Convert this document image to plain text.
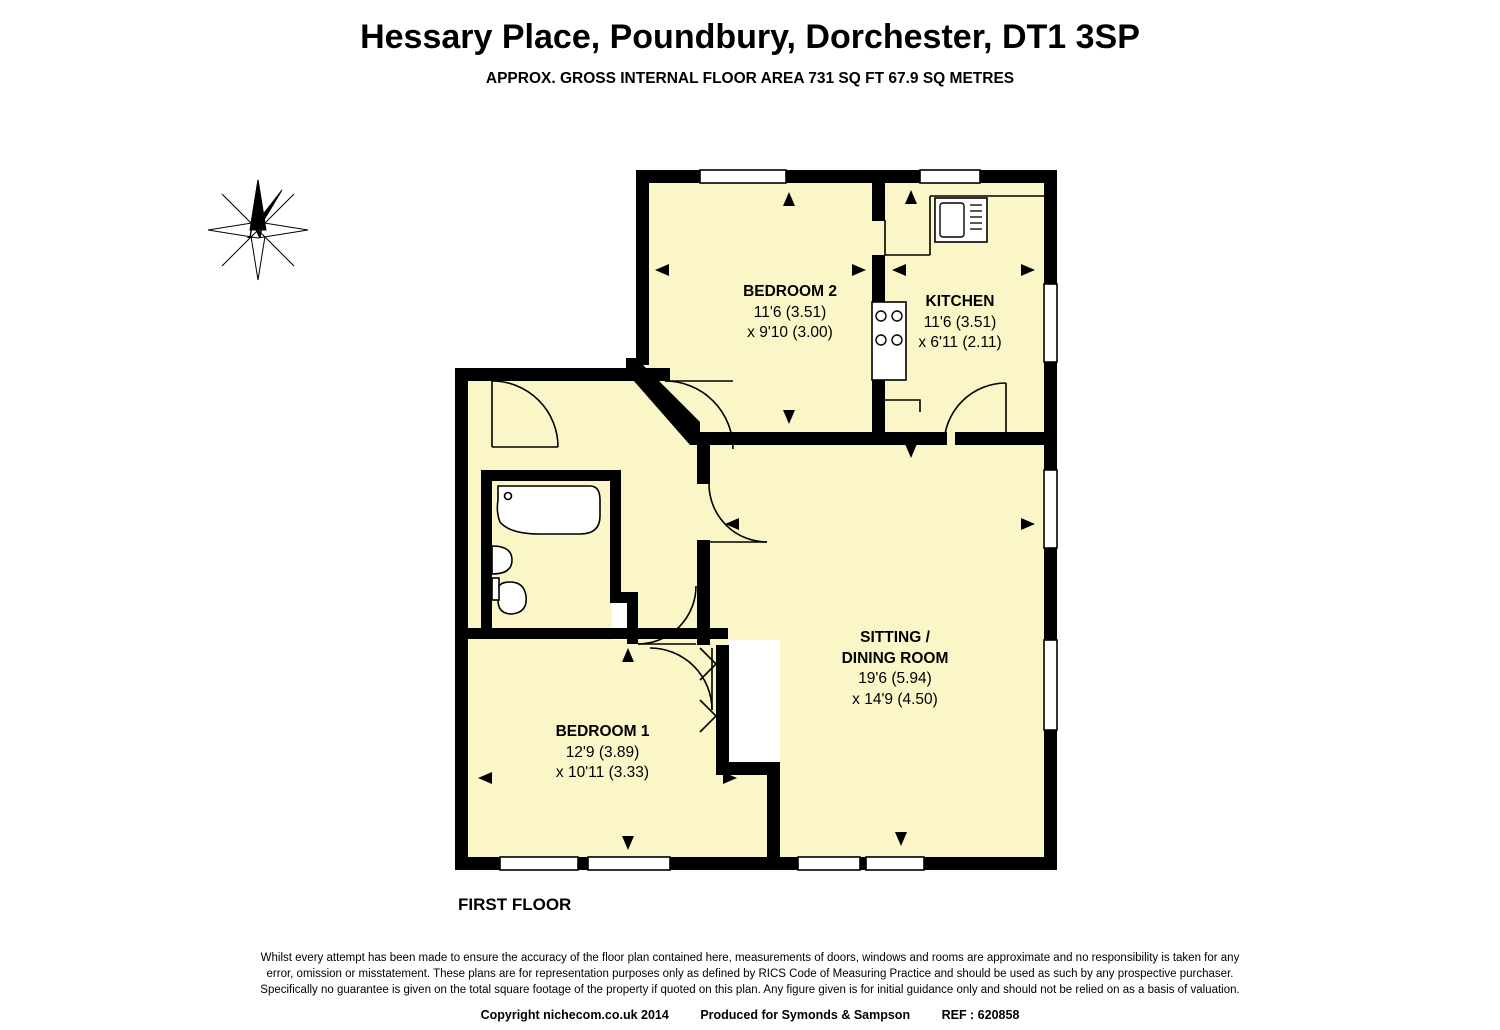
Hessary Place, Poundbury, Dorchester, DT1 3SP
APPROX. GROSS INTERNAL FLOOR AREA 731 SQ FT 67.9 SQ METRES
N
BEDROOM 2
11'6 (3.51)
x 9'10 (3.00)
KITCHEN
11'6 (3.51)
x 6'11 (2.11)
SITTING /
DINING ROOM
19'6 (5.94)
x 14'9 (4.50)
BEDROOM 1
12'9 (3.89)
x 10'11 (3.33)
FIRST FLOOR
Whilst every attempt has been made to ensure the accuracy of the floor plan contained here, measurements of doors, windows and rooms are approximate and no responsibility is taken for any
error, omission or misstatement. These plans are for representation purposes only as defined by RICS Code of Measuring Practice and should be used as such by any prospective purchaser.
Specifically no guarantee is given on the total square footage of the property if quoted on this plan. Any figure given is for initial guidance only and should not be relied on as a basis of valuation.
Copyright nichecom.co.uk 2014	Produced for Symonds & Sampson	REF : 620858
